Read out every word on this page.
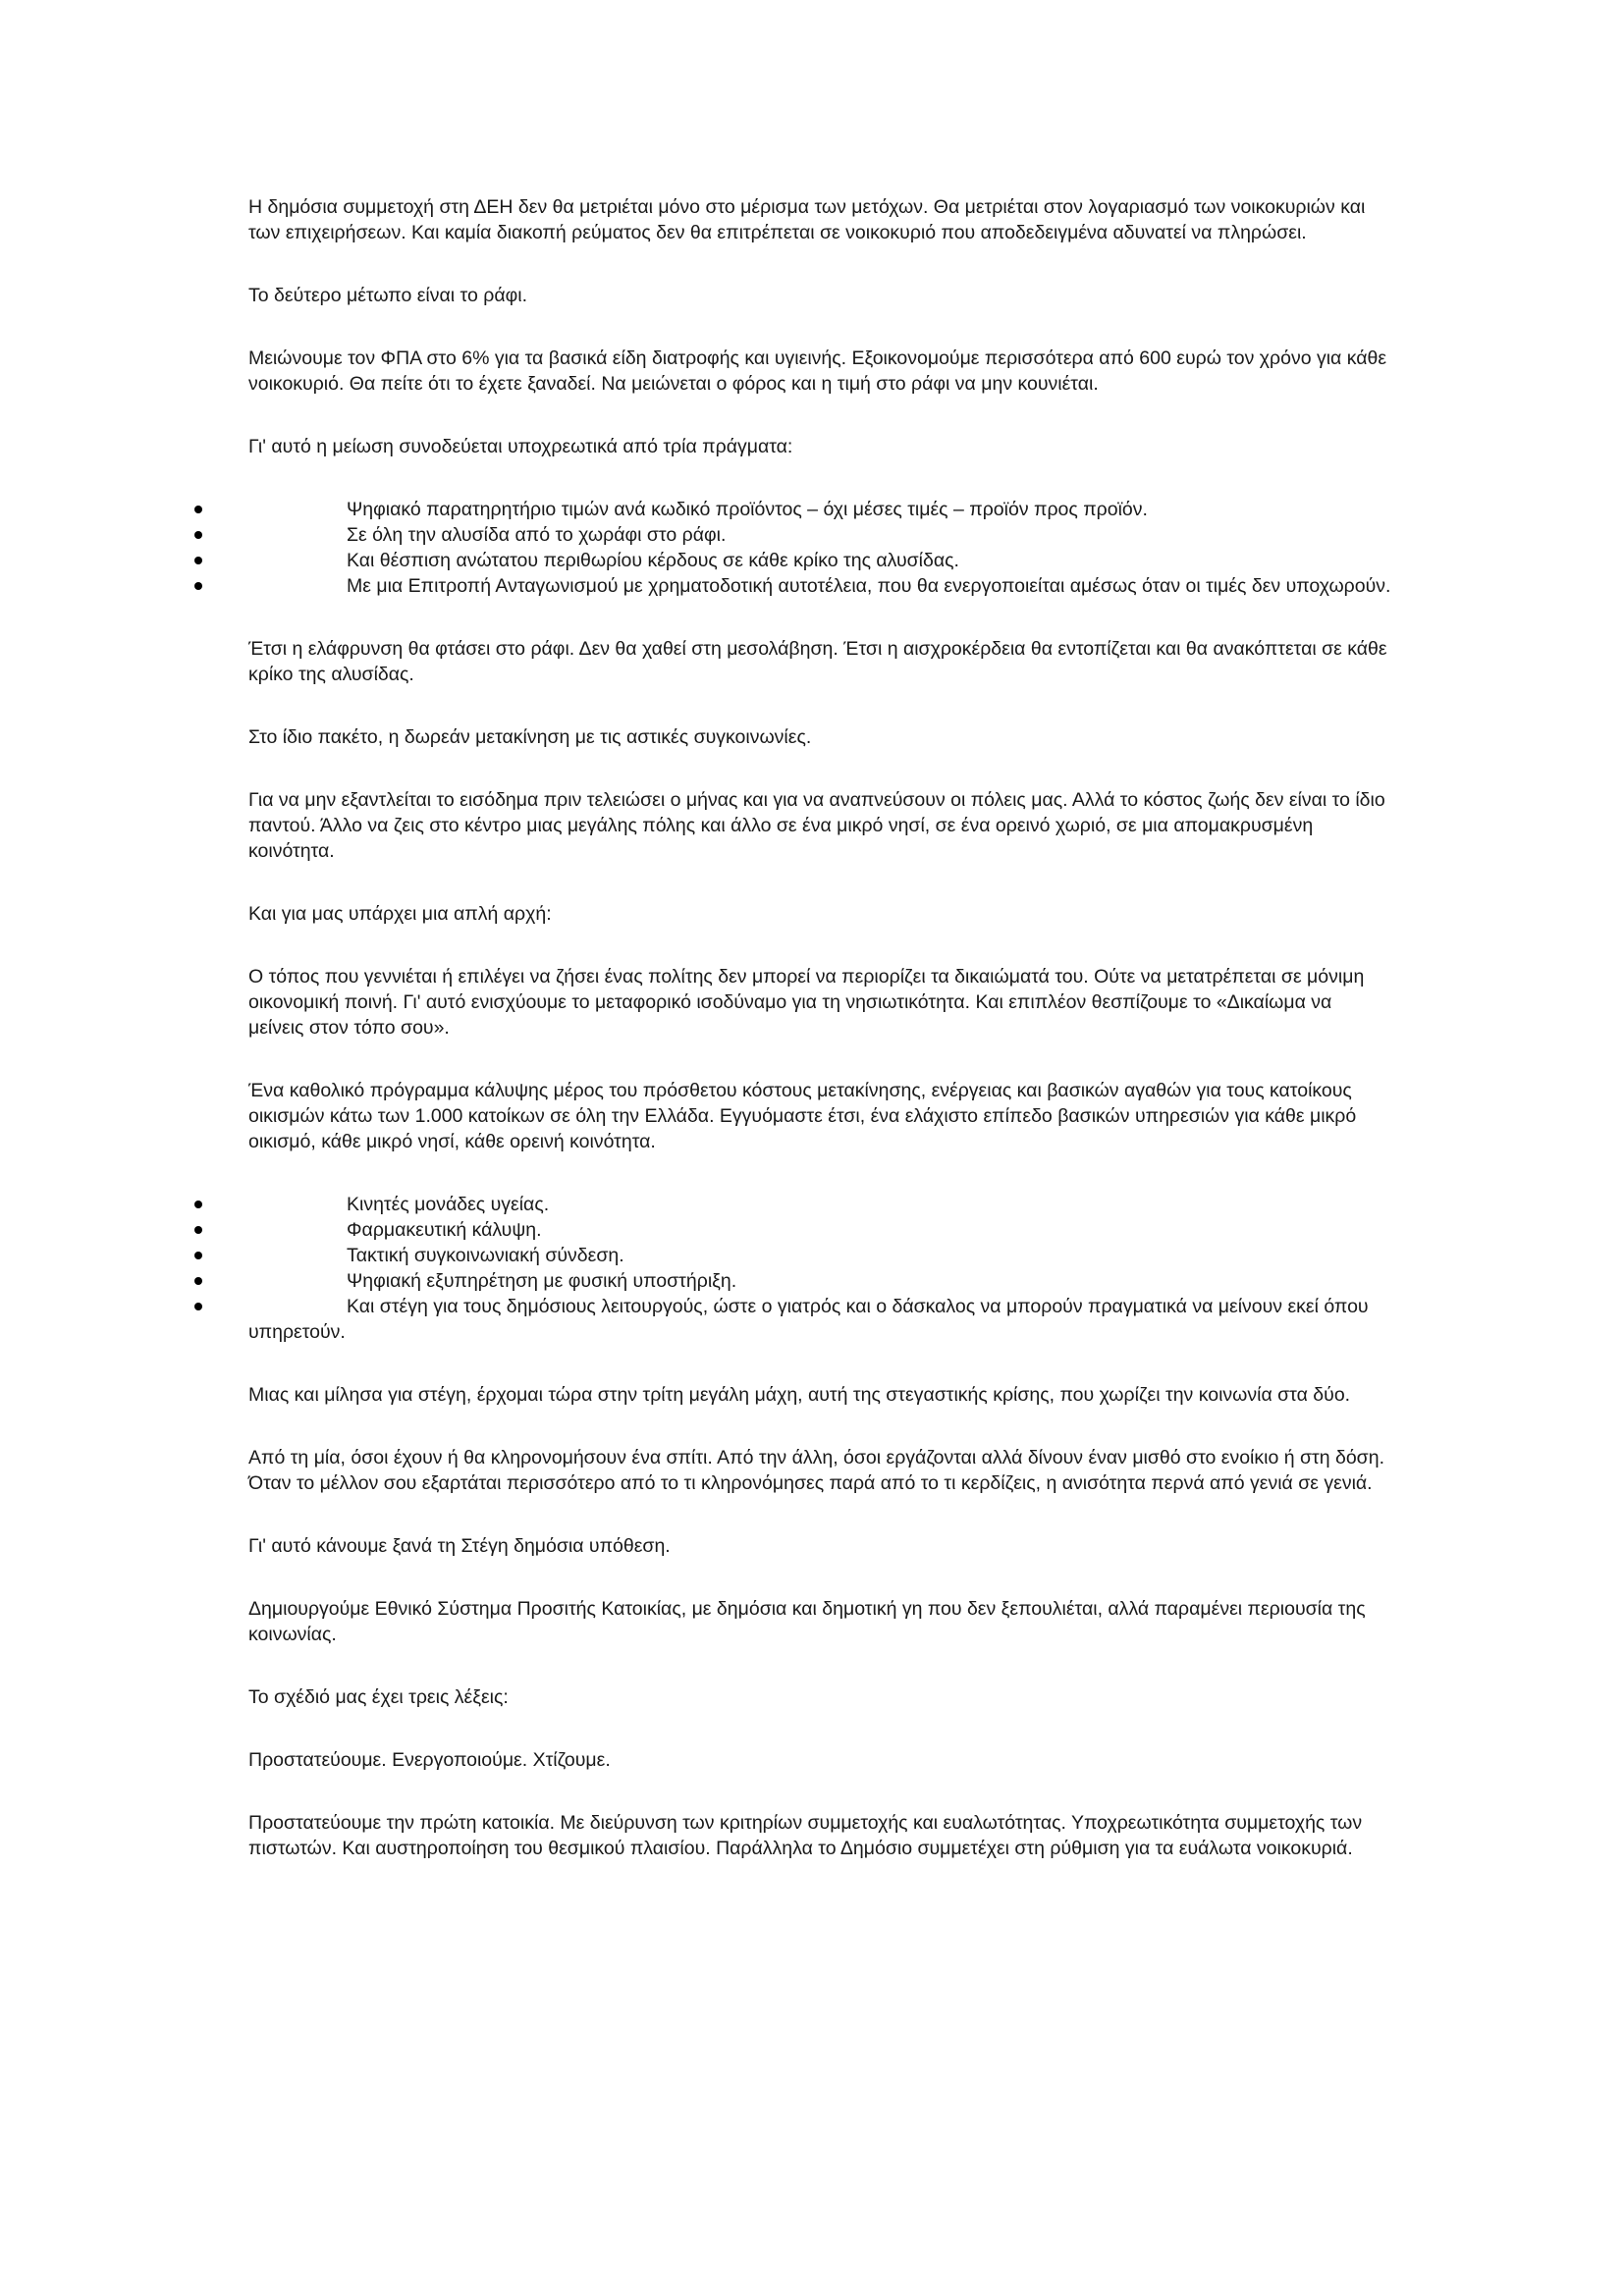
Η δημόσια συμμετοχή στη ΔΕΗ δεν θα μετριέται μόνο στο μέρισμα των μετόχων. Θα μετριέται στον λογαριασμό των νοικοκυριών και των επιχειρήσεων. Και καμία διακοπή ρεύματος δεν θα επιτρέπεται σε νοικοκυριό που αποδεδειγμένα αδυνατεί να πληρώσει.

Το δεύτερο μέτωπο είναι το ράφι.

Μειώνουμε τον ΦΠΑ στο 6% για τα βασικά είδη διατροφής και υγιεινής. Εξοικονομούμε περισσότερα από 600 ευρώ τον χρόνο για κάθε νοικοκυριό. Θα πείτε ότι το έχετε ξαναδεί. Να μειώνεται ο φόρος και η τιμή στο ράφι να μην κουνιέται.

Γι' αυτό η μείωση συνοδεύεται υποχρεωτικά από τρία πράγματα:

Ψηφιακό παρατηρητήριο τιμών ανά κωδικό προϊόντος – όχι μέσες τιμές – προϊόν προς προϊόν.
Σε όλη την αλυσίδα από το χωράφι στο ράφι.
Και θέσπιση ανώτατου περιθωρίου κέρδους σε κάθε κρίκο της αλυσίδας.
Με μια Επιτροπή Ανταγωνισμού με χρηματοδοτική αυτοτέλεια, που θα ενεργοποιείται αμέσως όταν οι τιμές δεν υποχωρούν.

Έτσι η ελάφρυνση θα φτάσει στο ράφι. Δεν θα χαθεί στη μεσολάβηση. Έτσι η αισχροκέρδεια θα εντοπίζεται και θα ανακόπτεται σε κάθε κρίκο της αλυσίδας.

Στο ίδιο πακέτο, η δωρεάν μετακίνηση με τις αστικές συγκοινωνίες.

Για να μην εξαντλείται το εισόδημα πριν τελειώσει ο μήνας και για να αναπνεύσουν οι πόλεις μας. Αλλά το κόστος ζωής δεν είναι το ίδιο παντού. Άλλο να ζεις στο κέντρο μιας μεγάλης πόλης και άλλο σε ένα μικρό νησί, σε ένα ορεινό χωριό, σε μια απομακρυσμένη κοινότητα.

Και για μας υπάρχει μια απλή αρχή:

Ο τόπος που γεννιέται ή επιλέγει να ζήσει ένας πολίτης δεν μπορεί να περιορίζει τα δικαιώματά του. Ούτε να μετατρέπεται σε μόνιμη οικονομική ποινή. Γι' αυτό ενισχύουμε το μεταφορικό ισοδύναμο για τη νησιωτικότητα. Και επιπλέον θεσπίζουμε το «Δικαίωμα να μείνεις στον τόπο σου».

Ένα καθολικό πρόγραμμα κάλυψης μέρος του πρόσθετου κόστους μετακίνησης, ενέργειας και βασικών αγαθών για τους κατοίκους οικισμών κάτω των 1.000 κατοίκων σε όλη την Ελλάδα. Εγγυόμαστε έτσι, ένα ελάχιστο επίπεδο βασικών υπηρεσιών για κάθε μικρό οικισμό, κάθε μικρό νησί, κάθε ορεινή κοινότητα.

Κινητές μονάδες υγείας.
Φαρμακευτική κάλυψη.
Τακτική συγκοινωνιακή σύνδεση.
Ψηφιακή εξυπηρέτηση με φυσική υποστήριξη.
Και στέγη για τους δημόσιους λειτουργούς, ώστε ο γιατρός και ο δάσκαλος να μπορούν πραγματικά να μείνουν εκεί όπου υπηρετούν.

Μιας και μίλησα για στέγη, έρχομαι τώρα στην τρίτη μεγάλη μάχη, αυτή της στεγαστικής κρίσης, που χωρίζει την κοινωνία στα δύο.

Από τη μία, όσοι έχουν ή θα κληρονομήσουν ένα σπίτι. Από την άλλη, όσοι εργάζονται αλλά δίνουν έναν μισθό στο ενοίκιο ή στη δόση. Όταν το μέλλον σου εξαρτάται περισσότερο από το τι κληρονόμησες παρά από το τι κερδίζεις, η ανισότητα περνά από γενιά σε γενιά.

Γι' αυτό κάνουμε ξανά τη Στέγη δημόσια υπόθεση.

Δημιουργούμε Εθνικό Σύστημα Προσιτής Κατοικίας, με δημόσια και δημοτική γη που δεν ξεπουλιέται, αλλά παραμένει περιουσία της κοινωνίας.

Το σχέδιό μας έχει τρεις λέξεις:

Προστατεύουμε. Ενεργοποιούμε. Χτίζουμε.

Προστατεύουμε την πρώτη κατοικία. Με διεύρυνση των κριτηρίων συμμετοχής και ευαλωτότητας. Υποχρεωτικότητα συμμετοχής των πιστωτών. Και αυστηροποίηση του θεσμικού πλαισίου. Παράλληλα το Δημόσιο συμμετέχει στη ρύθμιση για τα ευάλωτα νοικοκυριά.
